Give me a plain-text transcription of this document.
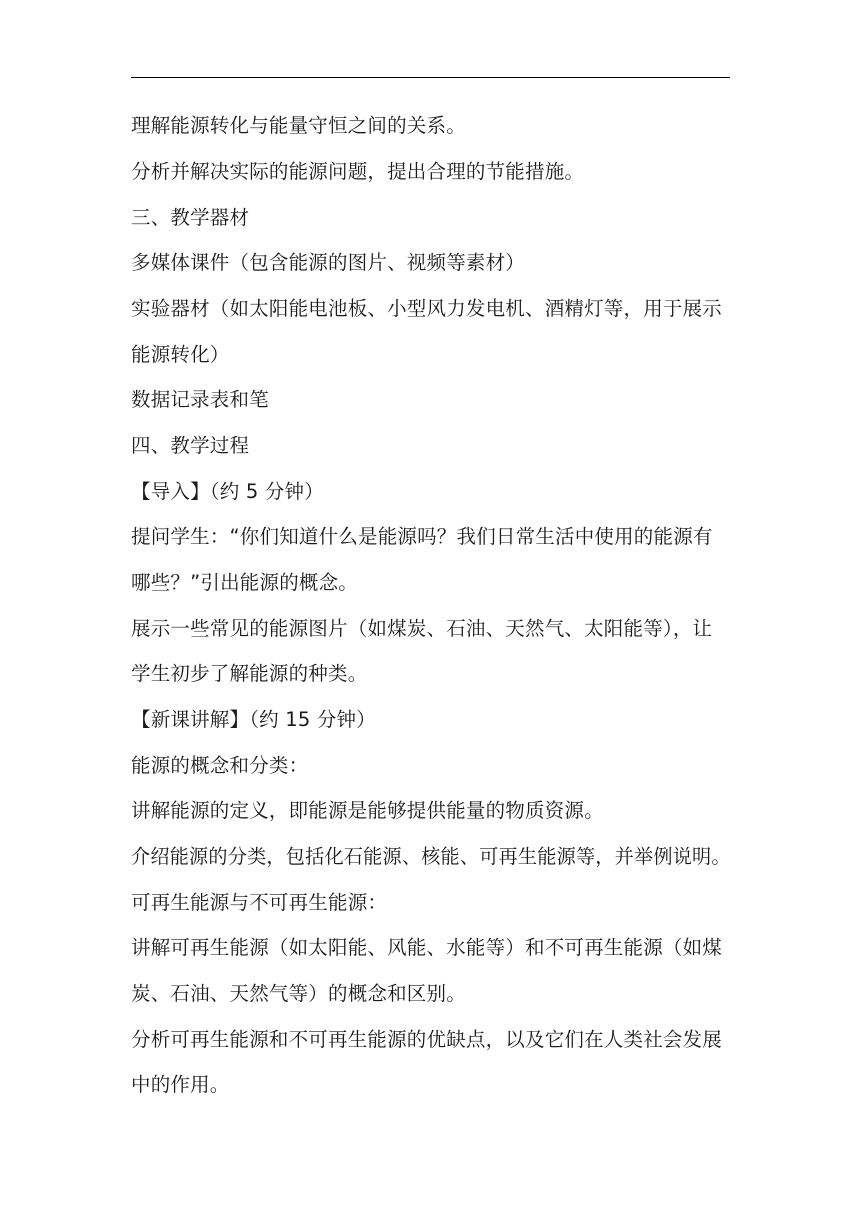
理解能源转化与能量守恒之间的关系。
分析并解决实际的能源问题，提出合理的节能措施。
三、教学器材
多媒体课件（包含能源的图片、视频等素材）
实验器材（如太阳能电池板、小型风力发电机、酒精灯等，用于展示
能源转化）
数据记录表和笔
四、教学过程
【导入】（约 5 分钟）
提问学生：“你们知道什么是能源吗？我们日常生活中使用的能源有
哪些？”引出能源的概念。
展示一些常见的能源图片（如煤炭、石油、天然气、太阳能等），让
学生初步了解能源的种类。
【新课讲解】（约 15 分钟）
能源的概念和分类：
讲解能源的定义，即能源是能够提供能量的物质资源。
介绍能源的分类，包括化石能源、核能、可再生能源等，并举例说明。
可再生能源与不可再生能源：
讲解可再生能源（如太阳能、风能、水能等）和不可再生能源（如煤
炭、石油、天然气等）的概念和区别。
分析可再生能源和不可再生能源的优缺点，以及它们在人类社会发展
中的作用。
